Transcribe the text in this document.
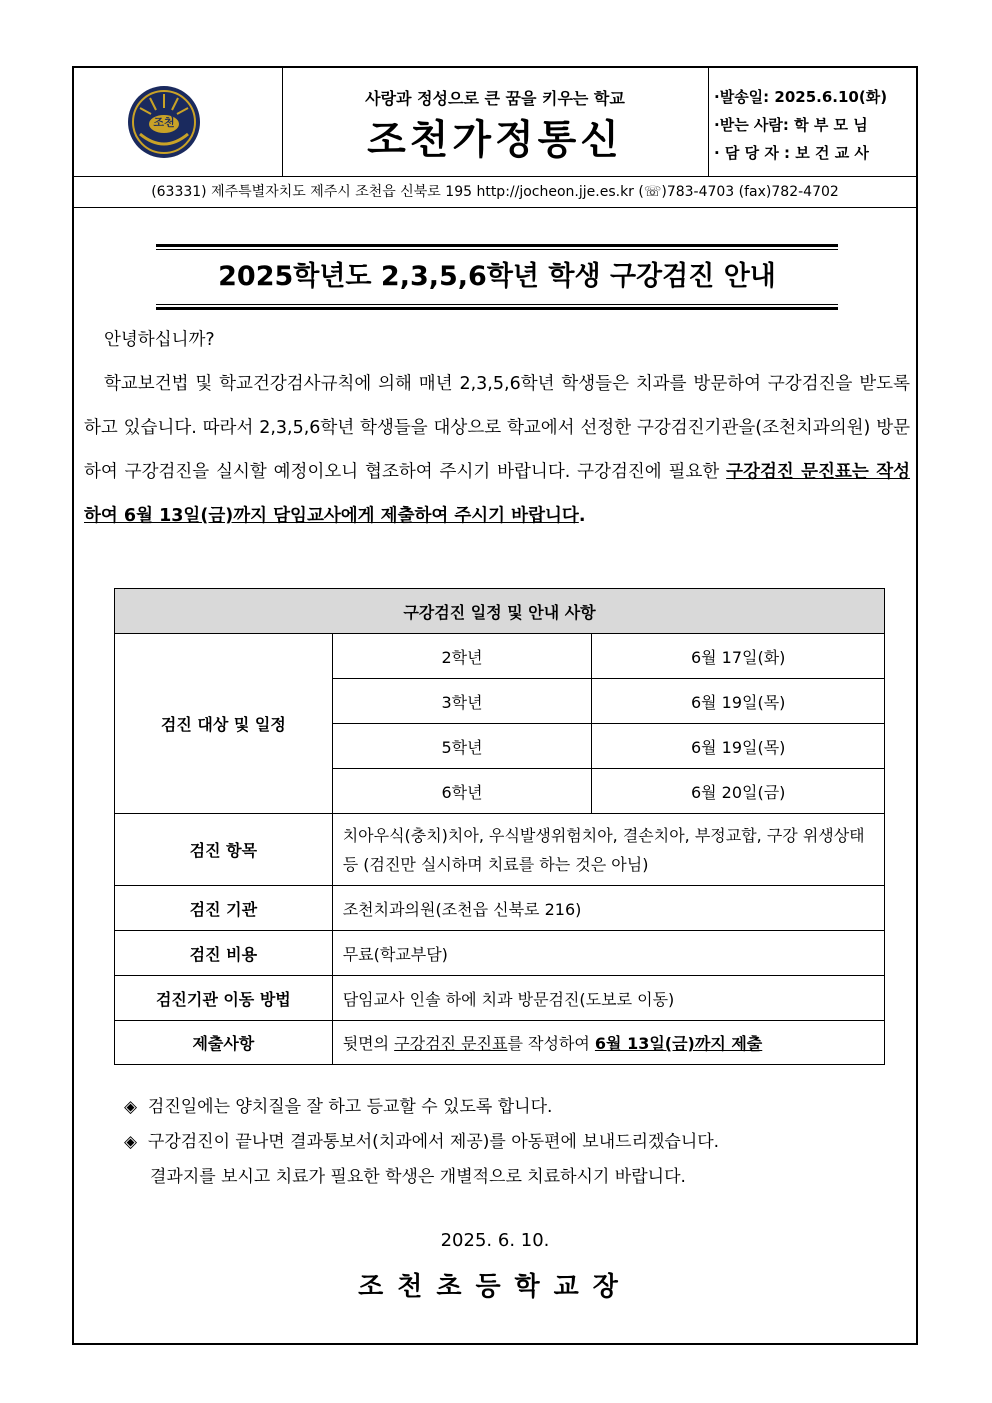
조천
사랑과 정성으로 큰 꿈을 키우는 학교
조천가정통신
·발송일: 2025.6.10(화)
·받는 사람: 학 부 모 님
· 담 당 자 : 보 건 교 사
(63331) 제주특별자치도 제주시 조천읍 신북로 195 http://jocheon.jje.es.kr (☏)783-4703 (fax)782-4702
2025학년도 2,3,5,6학년 학생 구강검진 안내
안녕하십니까?
학교보건법 및 학교건강검사규칙에 의해 매년 2,3,5,6학년 학생들은 치과를 방문하여 구강검진을 받도록 하고 있습니다. 따라서 2,3,5,6학년 학생들을 대상으로 학교에서 선정한 구강검진기관을(조천치과의원) 방문하여 구강검진을 실시할 예정이오니 협조하여 주시기 바랍니다. 구강검진에 필요한 구강검진 문진표는 작성하여 6월 13일(금)까지 담임교사에게 제출하여 주시기 바랍니다.
구강검진 일정 및 안내 사항		
검진 대상 및 일정	2학년	6월 17일(화)
	3학년	6월 19일(목)
	5학년	6월 19일(목)
	6학년	6월 20일(금)
검진 항목	치아우식(충치)치아, 우식발생위험치아, 결손치아, 부정교합, 구강 위생상태 등 (검진만 실시하며 치료를 하는 것은 아님)	
검진 기관	조천치과의원(조천읍 신북로 216)	
검진 비용	무료(학교부담)	
검진기관 이동 방법	담임교사 인솔 하에 치과 방문검진(도보로 이동)	
제출사항	뒷면의 구강검진 문진표를 작성하여 6월 13일(금)까지 제출	
◈ 검진일에는 양치질을 잘 하고 등교할 수 있도록 합니다.
◈ 구강검진이 끝나면 결과통보서(치과에서 제공)를 아동편에 보내드리겠습니다.
결과지를 보시고 치료가 필요한 학생은 개별적으로 치료하시기 바랍니다.
2025. 6. 10.
조천초등학교장
